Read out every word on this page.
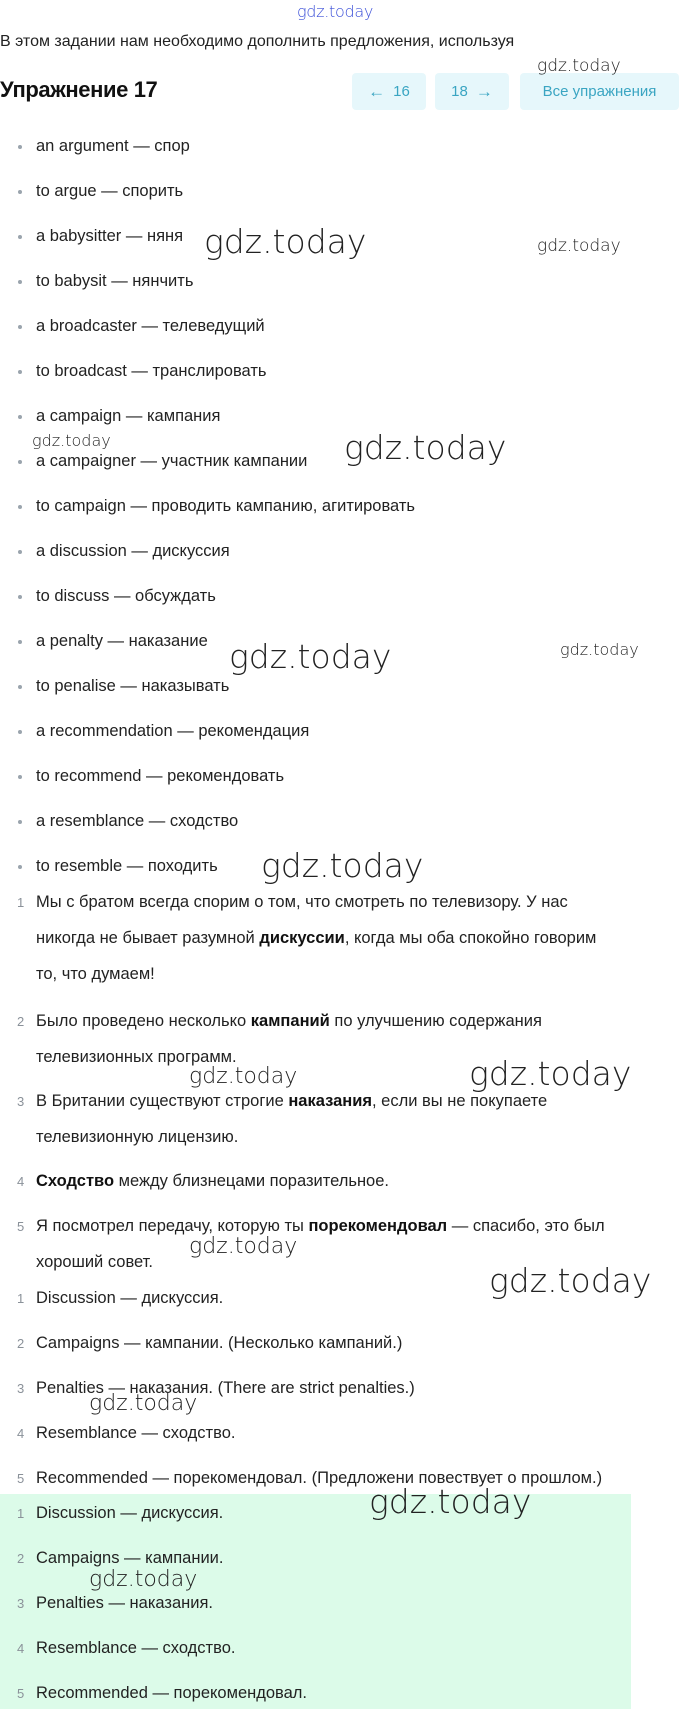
gdz.today
В этом задании нам необходимо дополнить предложения, используя
Упражнение 17	← 16	18 →	Все упражнения
an argument — спор
to argue — спорить
a babysitter — няня
to babysit — нянчить
a broadcaster — телеведущий
to broadcast — транслировать
a campaign — кампания
a campaigner — участник кампании
to campaign — проводить кампанию, агитировать
a discussion — дискуссия
to discuss — обсуждать
a penalty — наказание
to penalise — наказывать
a recommendation — рекомендация
to recommend — рекомендовать
a resemblance — сходство
to resemble — походить
1 Мы с братом всегда спорим о том, что смотреть по телевизору. У нас
никогда не бывает разумной дискуссии, когда мы оба спокойно говорим
то, что думаем!
2 Было проведено несколько кампаний по улучшению содержания
телевизионных программ.
3 В Британии существуют строгие наказания, если вы не покупаете
телевизионную лицензию.
4 Сходство между близнецами поразительное.
5 Я посмотрел передачу, которую ты порекомендовал — спасибо, это был
хороший совет.
1 Discussion — дискуссия.
2 Campaigns — кампании. (Несколько кампаний.)
3 Penalties — наказания. (There are strict penalties.)
4 Resemblance — сходство.
5 Recommended — порекомендовал. (Предложени повествует о прошлом.)
1 Discussion — дискуссия.
2 Campaigns — кампании.
3 Penalties — наказания.
4 Resemblance — сходство.
5 Recommended — порекомендовал.
gdz.today
gdz.today	gdz.today
gdz.today	gdz.today
gdz.today	gdz.today
gdz.today
gdz.today	gdz.today
gdz.today
gdz.today
gdz.today
gdz.today
gdz.today
